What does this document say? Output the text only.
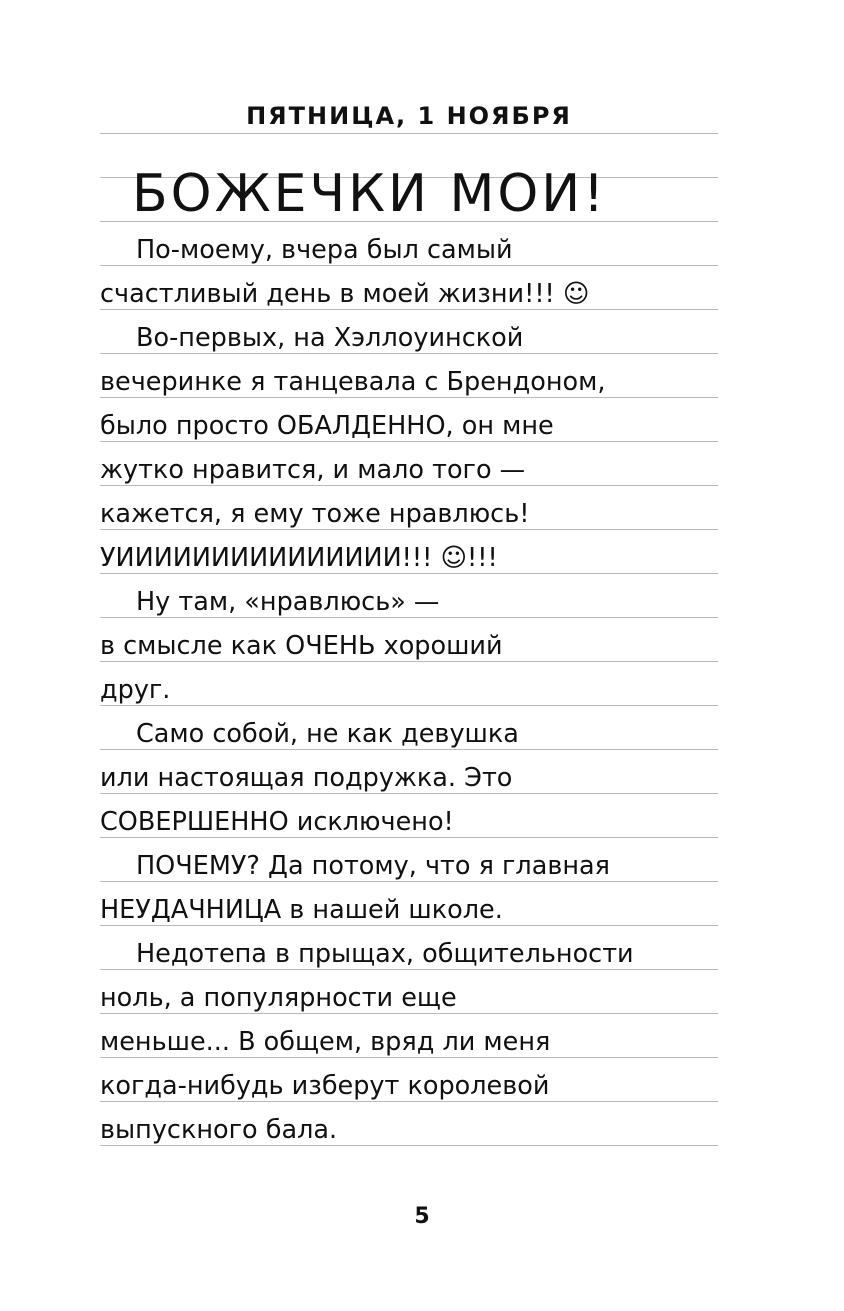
ПЯТНИЦА, 1 НОЯБРЯ
БОЖЕЧКИ МОИ!
По-моему, вчера был самый
счастливый день в моей жизни!!! ☺
Во-первых, на Хэллоуинской
вечеринке я танцевала с Брендоном,
было просто ОБАЛДЕННО, он мне
жутко нравится, и мало того —
кажется, я ему тоже нравлюсь!
УИИИИИИИИИИИИИИИ!!! ☺!!!
Ну там, «нравлюсь» —
в смысле как ОЧЕНЬ хороший
друг.
Само собой, не как девушка
или настоящая подружка. Это
СОВЕРШЕННО исключено!
ПОЧЕМУ? Да потому, что я главная
НЕУДАЧНИЦА в нашей школе.
Недотепа в прыщах, общительности
ноль, а популярности еще
меньше... В общем, вряд ли меня
когда-нибудь изберут королевой
выпускного бала.
5
